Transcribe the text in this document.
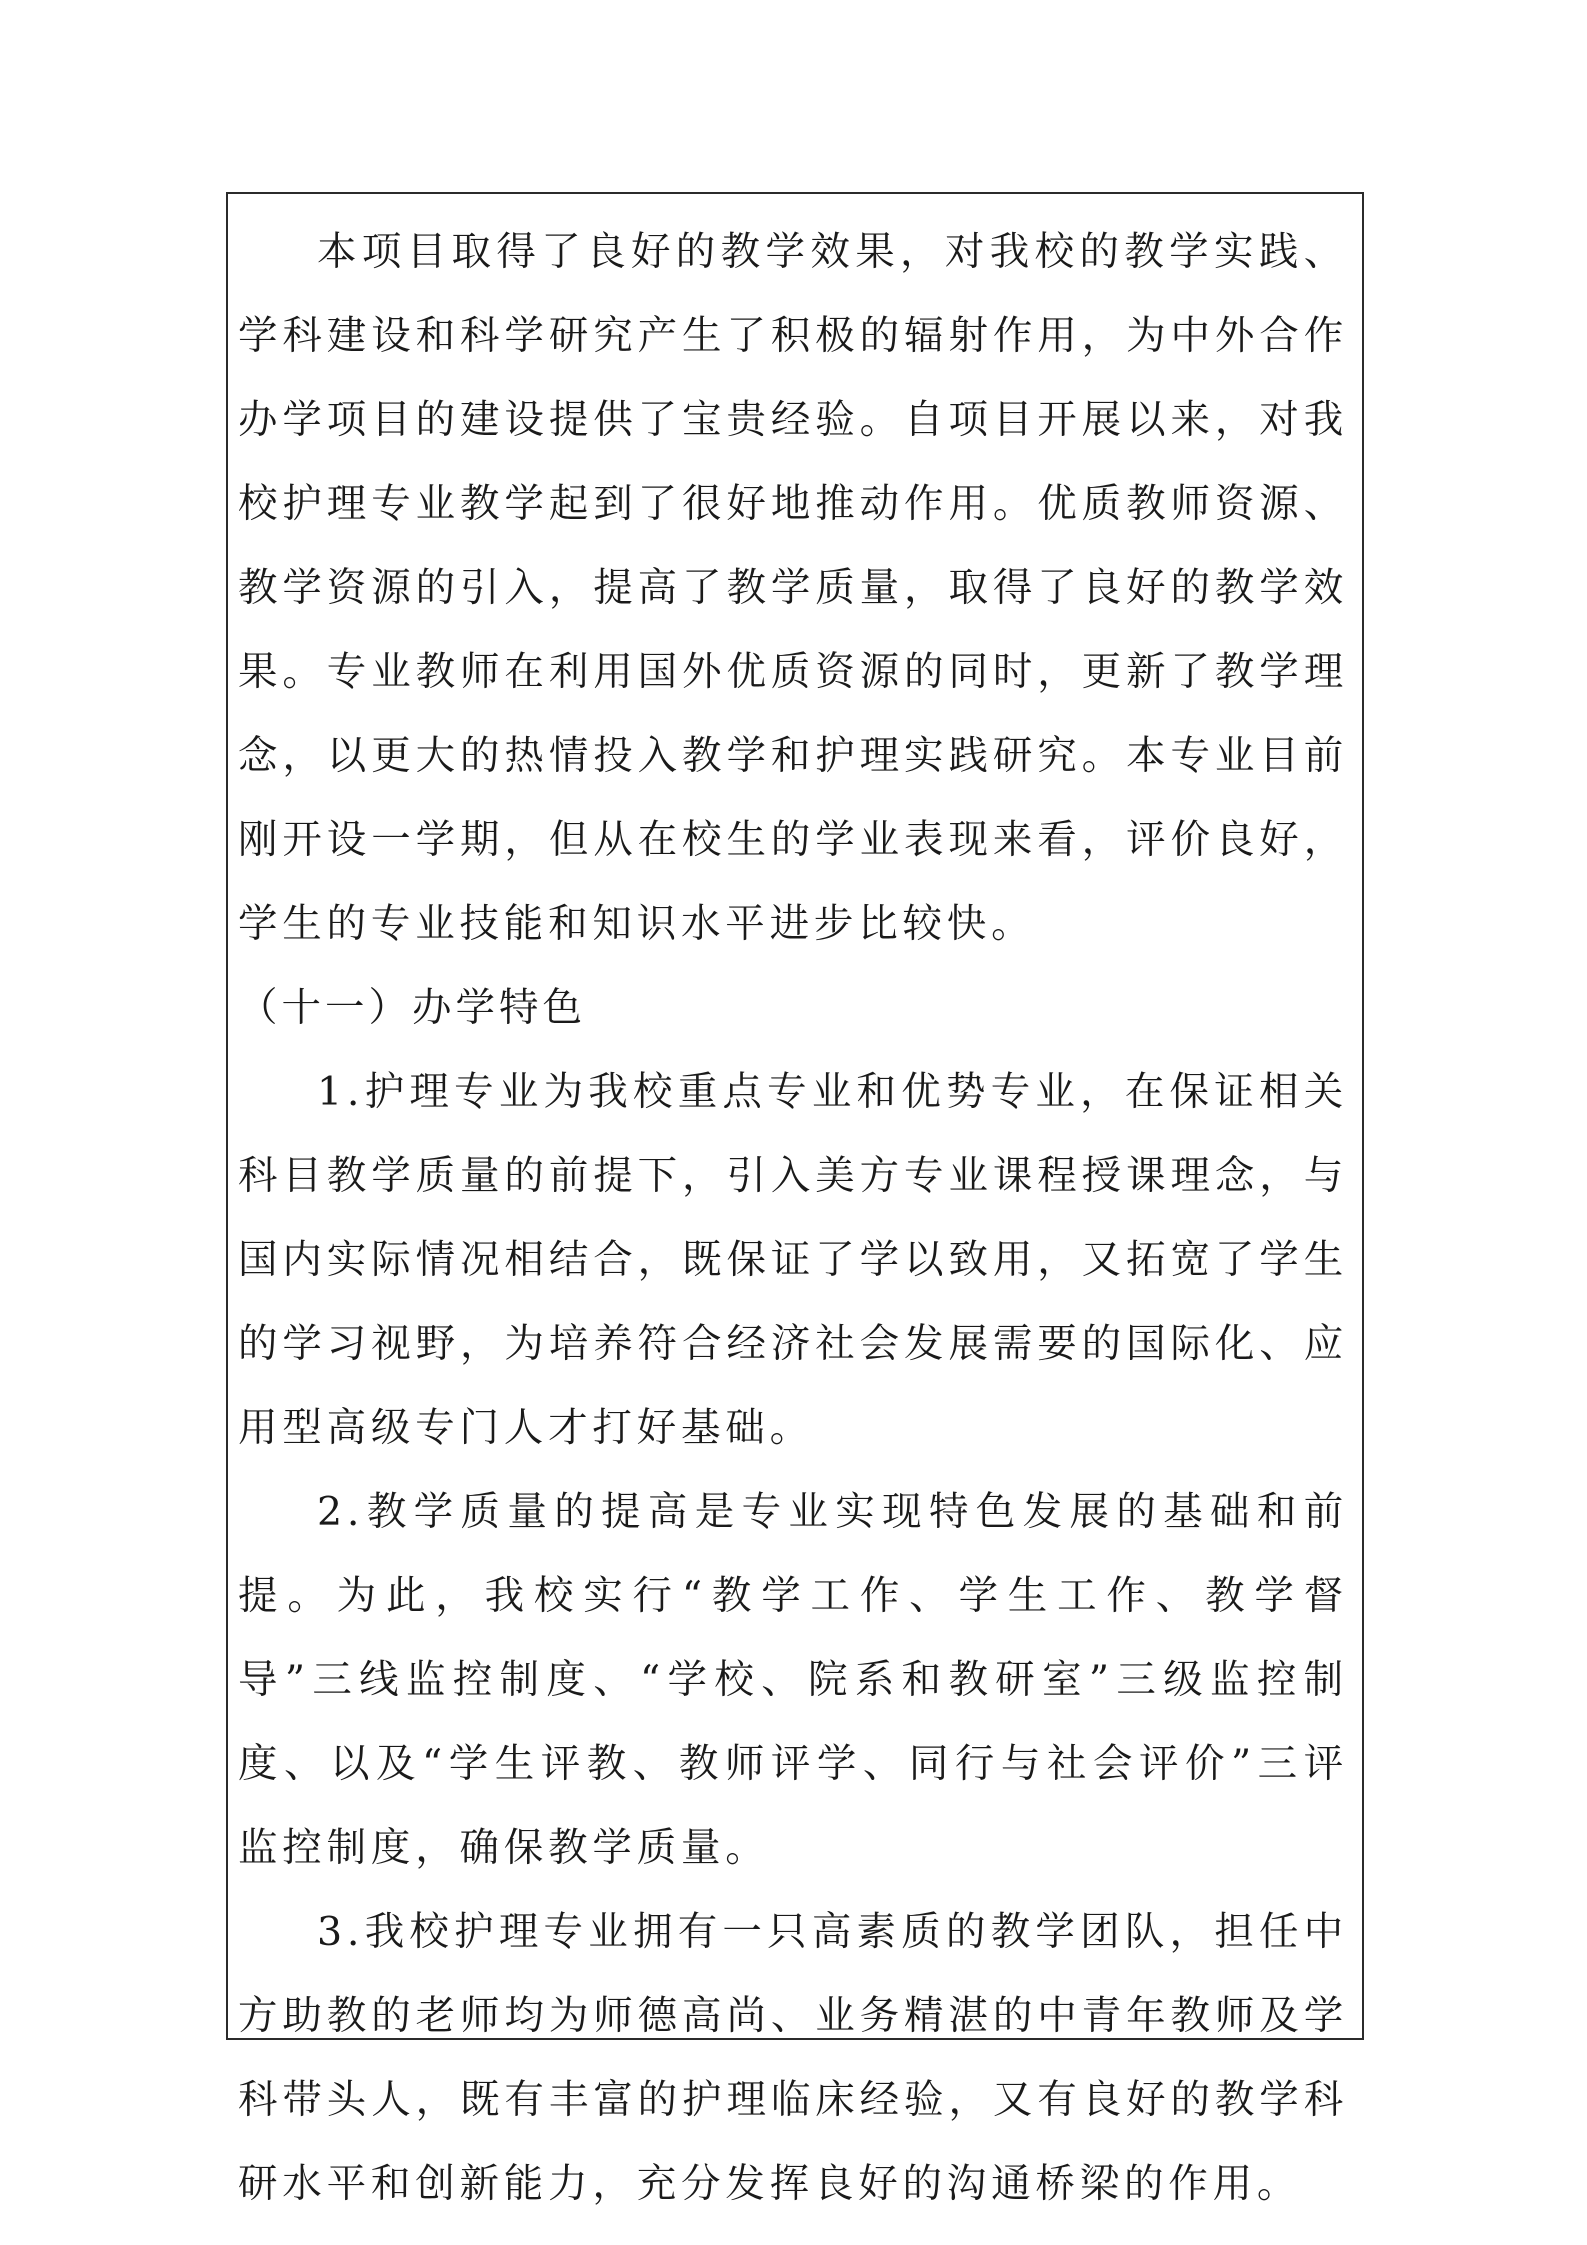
本项目取得了良好的教学效果，对我校的教学实践、学科建设和科学研究产生了积极的辐射作用，为中外合作办学项目的建设提供了宝贵经验。自项目开展以来，对我校护理专业教学起到了很好地推动作用。优质教师资源、教学资源的引入，提高了教学质量，取得了良好的教学效果。专业教师在利用国外优质资源的同时，更新了教学理念，以更大的热情投入教学和护理实践研究。本专业目前刚开设一学期，但从在校生的学业表现来看，评价良好，学生的专业技能和知识水平进步比较快。

（十一）办学特色

1.护理专业为我校重点专业和优势专业，在保证相关科目教学质量的前提下，引入美方专业课程授课理念，与国内实际情况相结合，既保证了学以致用，又拓宽了学生的学习视野，为培养符合经济社会发展需要的国际化、应用型高级专门人才打好基础。

2.教学质量的提高是专业实现特色发展的基础和前提。为此，我校实行“教学工作、学生工作、教学督导”三线监控制度、“学校、院系和教研室”三级监控制度、以及“学生评教、教师评学、同行与社会评价”三评监控制度，确保教学质量。

3.我校护理专业拥有一只高素质的教学团队，担任中方助教的老师均为师德高尚、业务精湛的中青年教师及学科带头人，既有丰富的护理临床经验，又有良好的教学科研水平和创新能力，充分发挥良好的沟通桥梁的作用。
